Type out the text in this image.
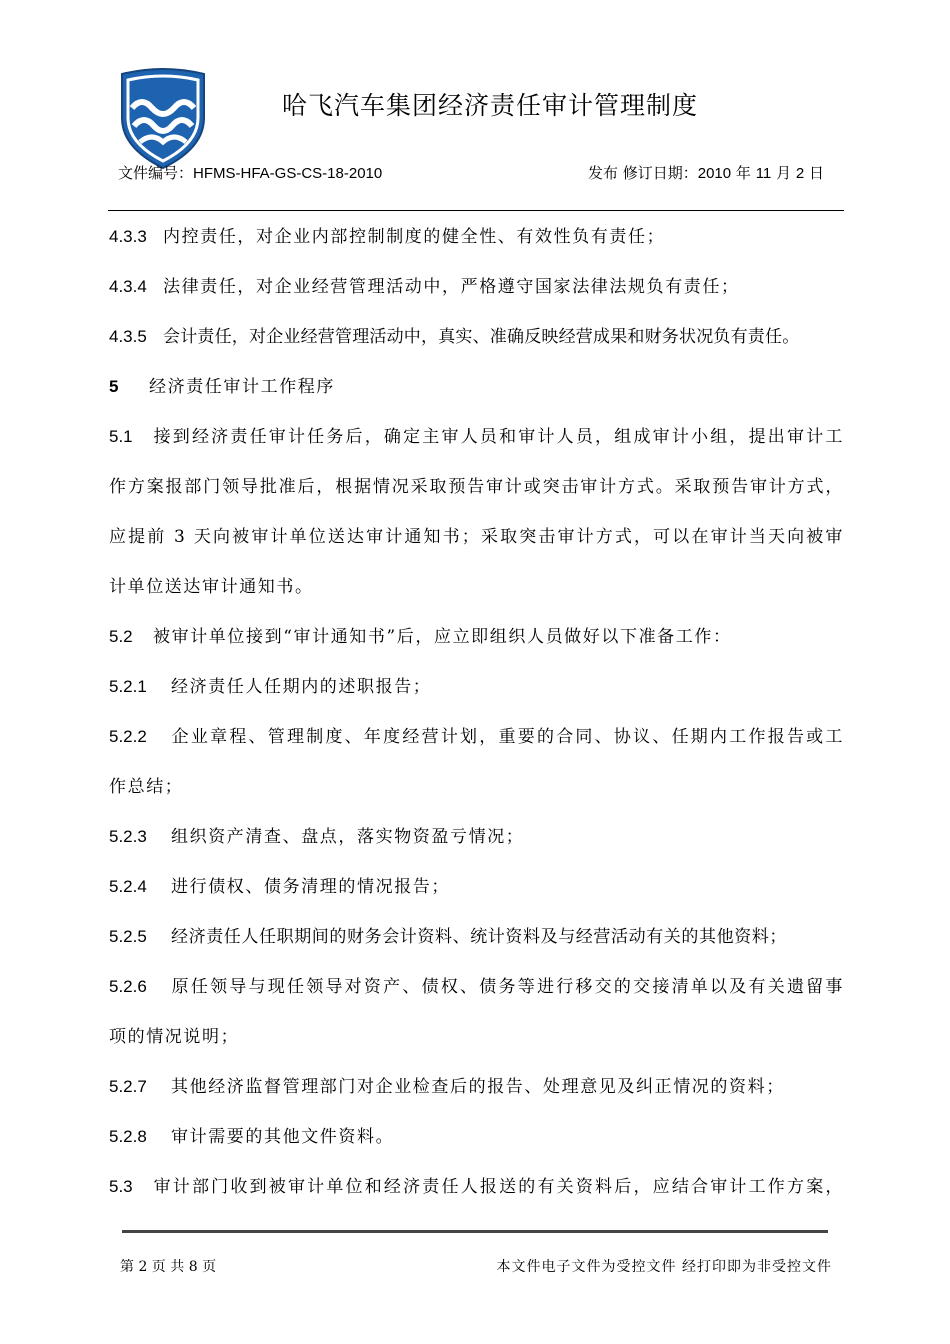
哈飞汽车集团经济责任审计管理制度
文件编号：HFMS-HFA-GS-CS-18-2010	发布 修订日期：2010 年 11 月 2 日
4.3.3 内控责任，对企业内部控制制度的健全性、有效性负有责任；
4.3.4 法律责任，对企业经营管理活动中，严格遵守国家法律法规负有责任；
4.3.5 会计责任，对企业经营管理活动中，真实、准确反映经营成果和财务状况负有责任。
5 经济责任审计工作程序
5.1 接到经济责任审计任务后，确定主审人员和审计人员，组成审计小组，提出审计工
作方案报部门领导批准后，根据情况采取预告审计或突击审计方式。采取预告审计方式，
应提前 3 天向被审计单位送达审计通知书；采取突击审计方式，可以在审计当天向被审
计单位送达审计通知书。
5.2 被审计单位接到“审计通知书”后，应立即组织人员做好以下准备工作：
5.2.1 经济责任人任期内的述职报告；
5.2.2 企业章程、管理制度、年度经营计划，重要的合同、协议、任期内工作报告或工
作总结；
5.2.3 组织资产清查、盘点，落实物资盈亏情况；
5.2.4 进行债权、债务清理的情况报告；
5.2.5 经济责任人任职期间的财务会计资料、统计资料及与经营活动有关的其他资料；
5.2.6 原任领导与现任领导对资产、债权、债务等进行移交的交接清单以及有关遗留事
项的情况说明；
5.2.7 其他经济监督管理部门对企业检查后的报告、处理意见及纠正情况的资料；
5.2.8 审计需要的其他文件资料。
5.3 审计部门收到被审计单位和经济责任人报送的有关资料后，应结合审计工作方案，
第 2 页 共 8 页	本文件电子文件为受控文件 经打印即为非受控文件
